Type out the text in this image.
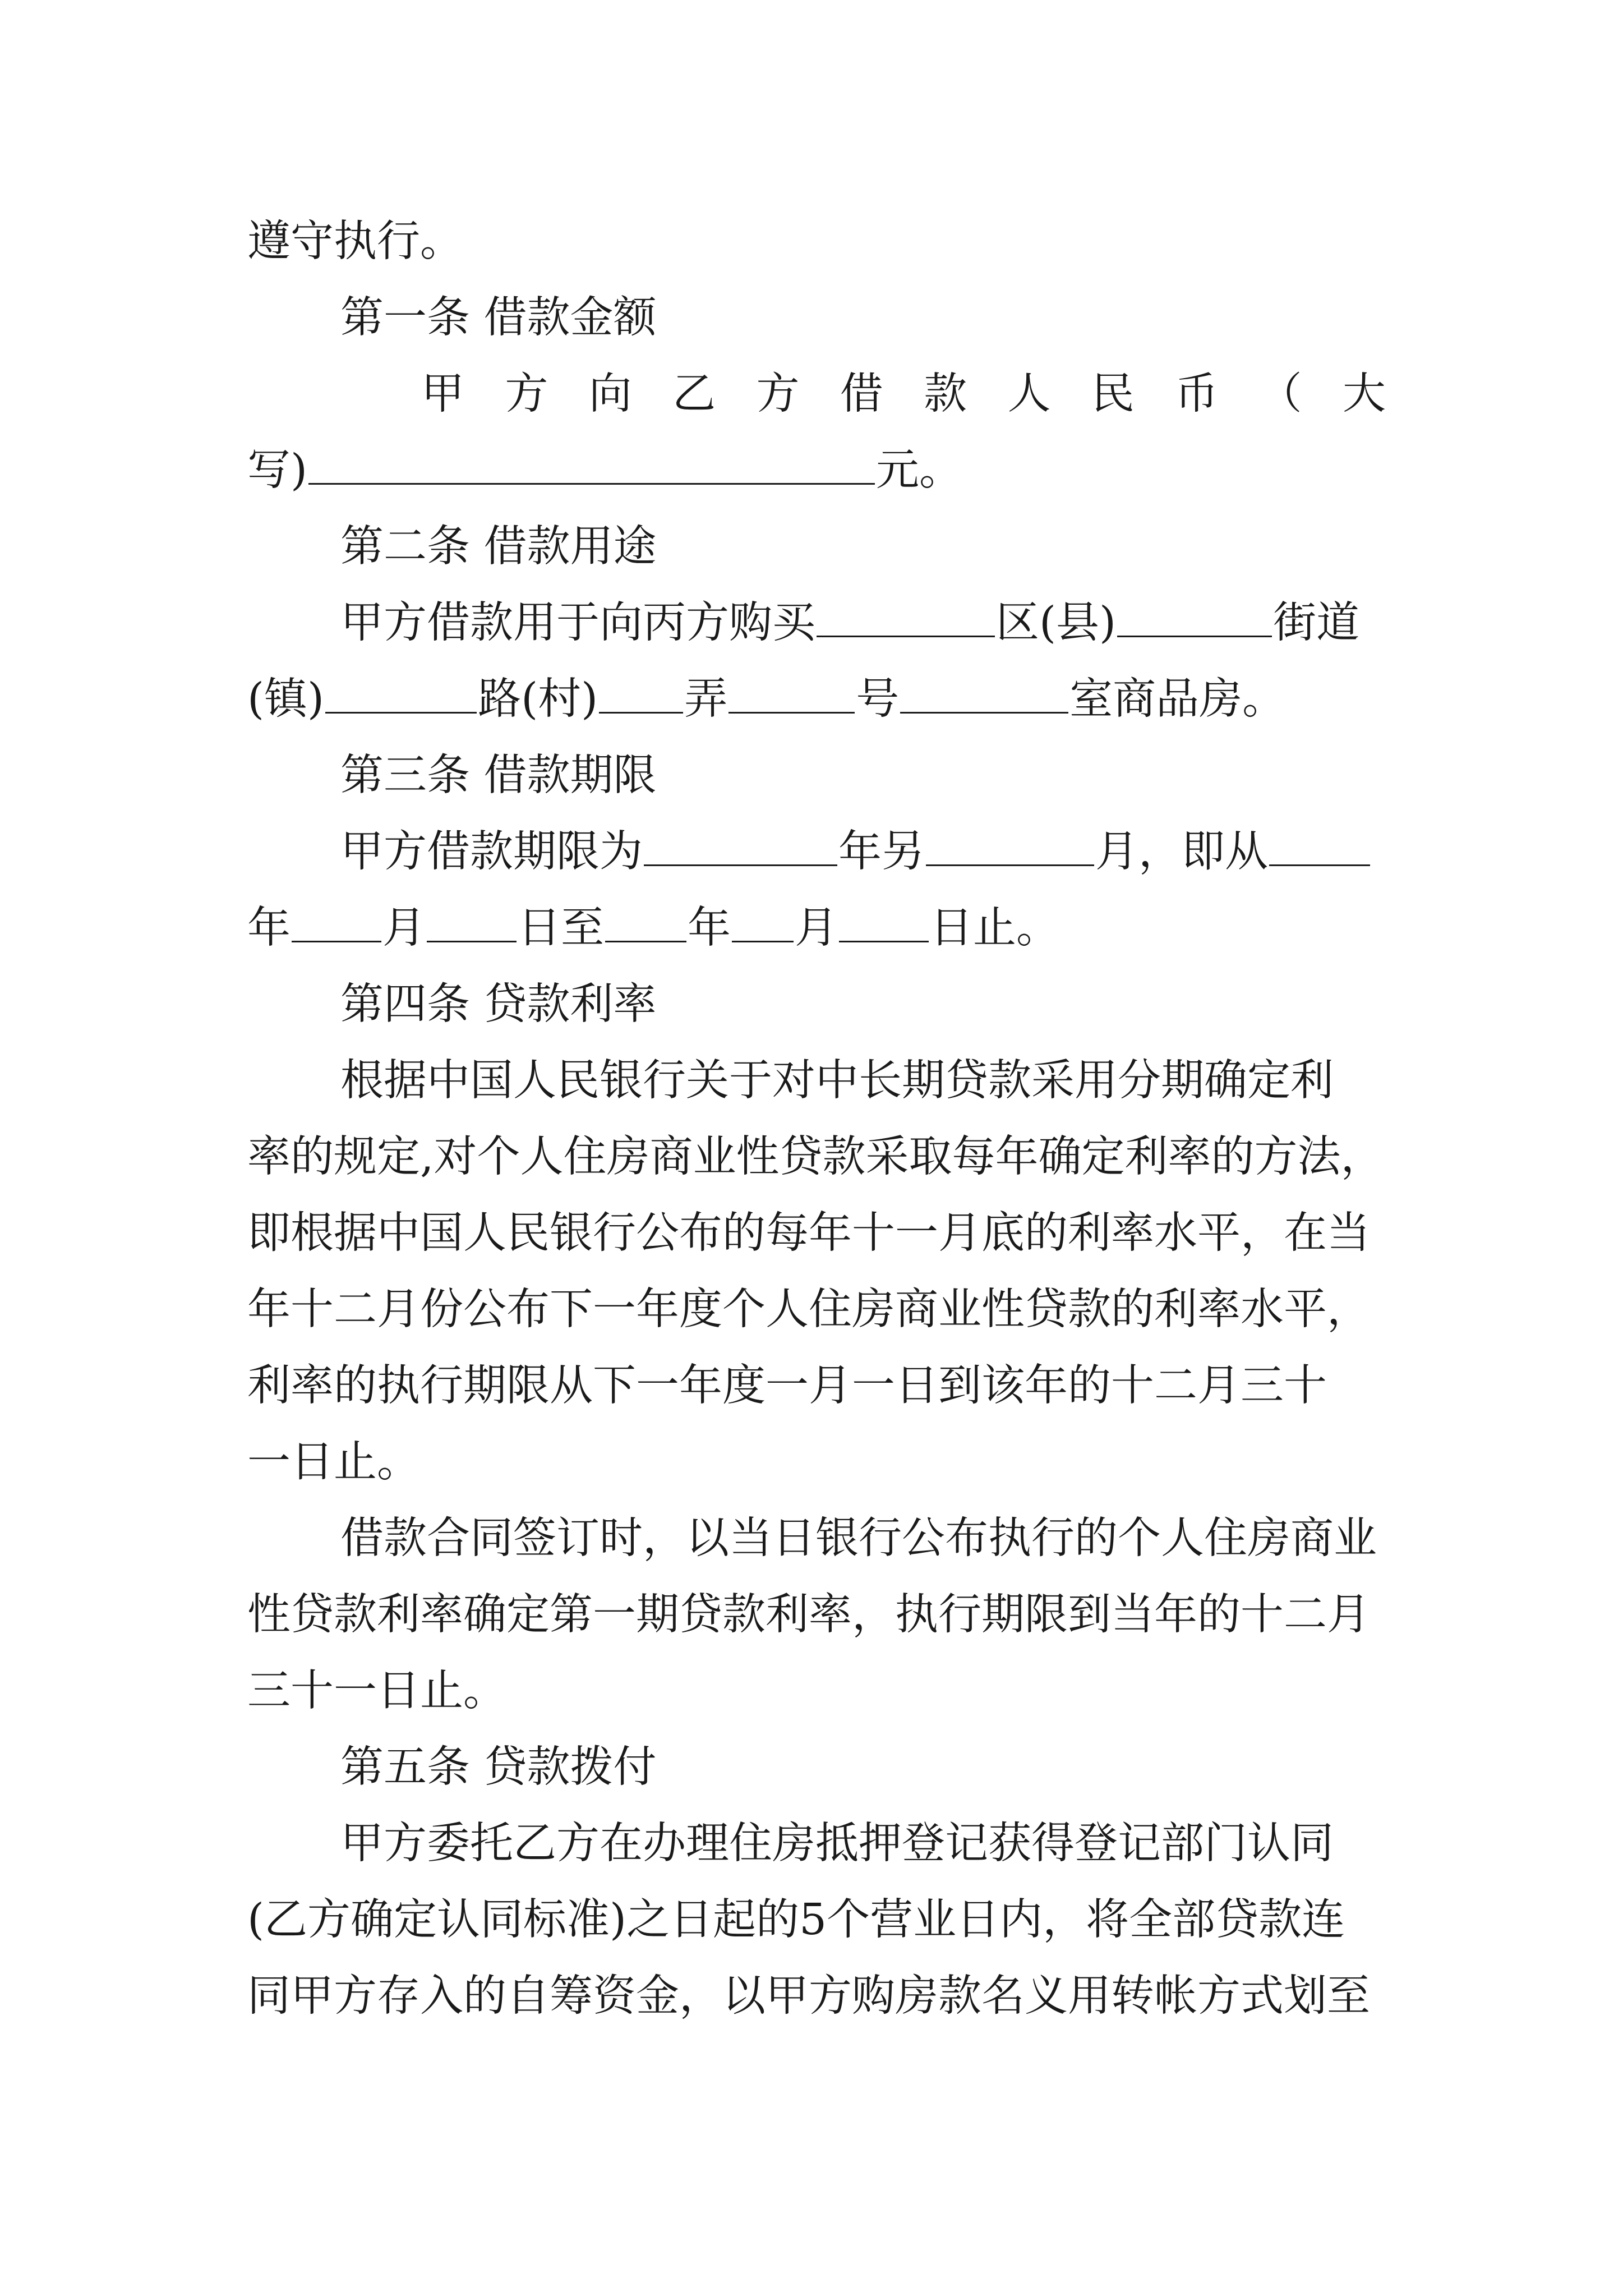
遵守执行。
第一条 借款金额
甲 方 向 乙 方 借 款 人 民 币 （ 大
写)	元。
第二条 借款用途
甲方借款用于向丙方购买	区(县)	街道
(镇)	路(村) 弄	号	室商品房。
第三条 借款期限
甲方借款期限为	年另	月，即从
年 月 日至 年 月 日止。
第四条 贷款利率
根据中国人民银行关于对中长期贷款采用分期确定利
率的规定,对个人住房商业性贷款采取每年确定利率的方法，
即根据中国人民银行公布的每年十一月底的利率水平，在当
年十二月份公布下一年度个人住房商业性贷款的利率水平，
利率的执行期限从下一年度一月一日到该年的十二月三十
一日止。
借款合同签订时，以当日银行公布执行的个人住房商业
性贷款利率确定第一期贷款利率，执行期限到当年的十二月
三十一日止。
第五条 贷款拨付
甲方委托乙方在办理住房抵押登记获得登记部门认同
(乙方确定认同标准)之日起的5个营业日内，将全部贷款连
同甲方存入的自筹资金，以甲方购房款名义用转帐方式划至
